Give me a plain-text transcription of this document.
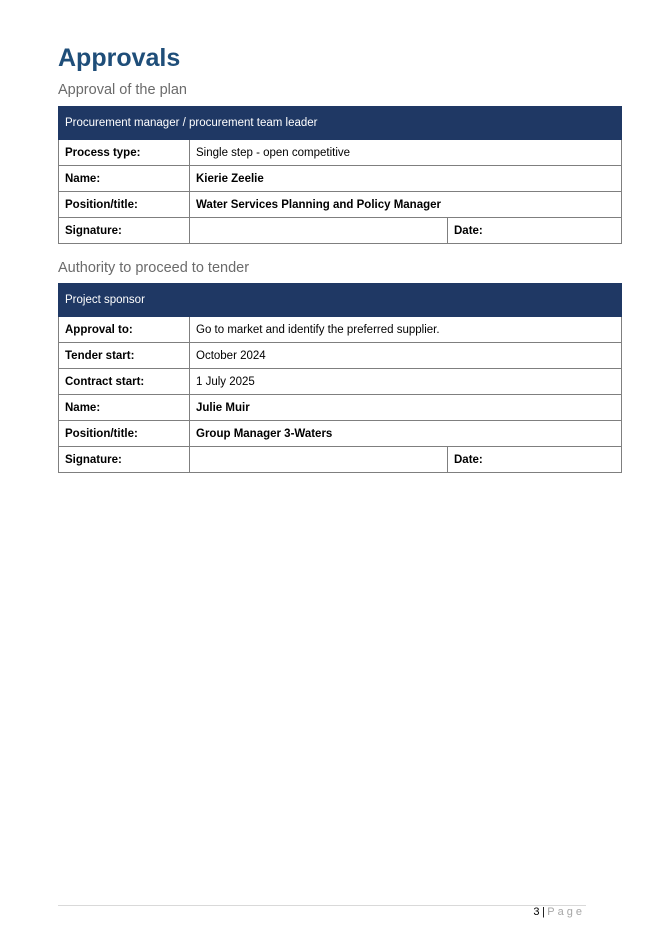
Approvals
Approval of the plan
Procurement manager / procurement team leader		
Process type:	Single step - open competitive	
Name:	Kierie Zeelie	
Position/title:	Water Services Planning and Policy Manager	
Signature:		Date:
Authority to proceed to tender
Project sponsor		
Approval to:	Go to market and identify the preferred supplier.	
Tender start:	October 2024	
Contract start:	1 July 2025	
Name:	Julie Muir	
Position/title:	Group Manager 3-Waters	
Signature:		Date:
3 | Page
